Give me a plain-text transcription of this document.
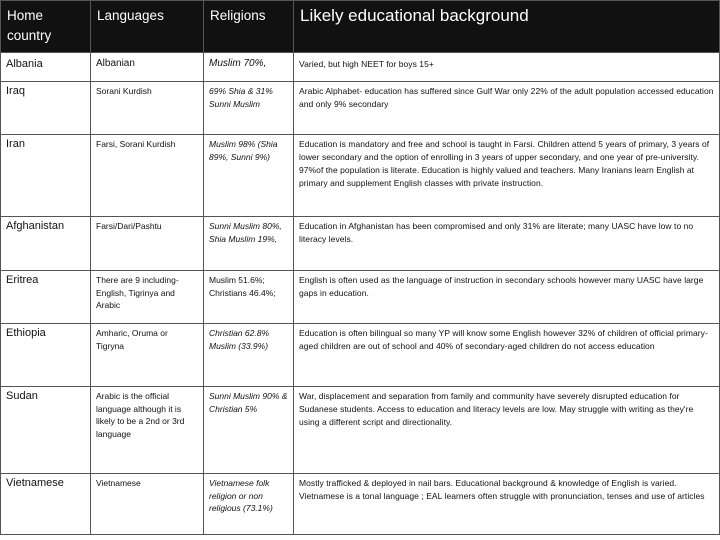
Home country	Languages	Religions	Likely educational background

Albania	Albanian	Muslim 70%,	Varied, but high NEET for boys 15+

Iraq	Sorani Kurdish	69% Shia & 31% Sunni Muslim	Arabic Alphabet- education has suffered since Gulf War only 22% of the adult population accessed education and only 9% secondary

Iran	Farsi, Sorani Kurdish	Muslim 98% (Shia 89%, Sunni 9%)	Education is mandatory and free and school is taught in Farsi. Children attend 5 years of primary, 3 years of lower secondary and the option of enrolling in 3 years of upper secondary, and one year of pre-university. 97%of the population is literate. Education is highly valued and teachers. Many Iranians learn English at primary and supplement English classes with private instruction.

Afghanistan	Farsi/Dari/Pashtu	Sunni Muslim 80%, Shia Muslim 19%,	Education in Afghanistan has been compromised and only 31% are literate; many UASC have low to no literacy levels.

Eritrea	There are 9 including- English, Tigrinya and Arabic	Muslim 51.6%; Christians 46.4%;	English is often used as the language of instruction in secondary schools however many UASC have large gaps in education.

Ethiopia	Amharic, Oruma or Tigryna	Christian 62.8% Muslim (33.9%)	Education is often bilingual so many YP will know some English however 32% of children of official primary- aged children are out of school and 40% of secondary-aged children do not access education

Sudan	Arabic is the official language although it is likely to be a 2nd or 3rd language	Sunni Muslim 90% & Christian 5%	War, displacement and separation from family and community have severely disrupted education for Sudanese students. Access to education and literacy levels are low. May struggle with writing as they're using a different script and directionality.

Vietnamese	Vietnamese	Vietnamese folk religion or non religious (73.1%)	Mostly trafficked & deployed in nail bars. Educational background & knowledge of English is varied. Vietnamese is a tonal language ; EAL learners often struggle with pronunciation, tenses and use of articles
